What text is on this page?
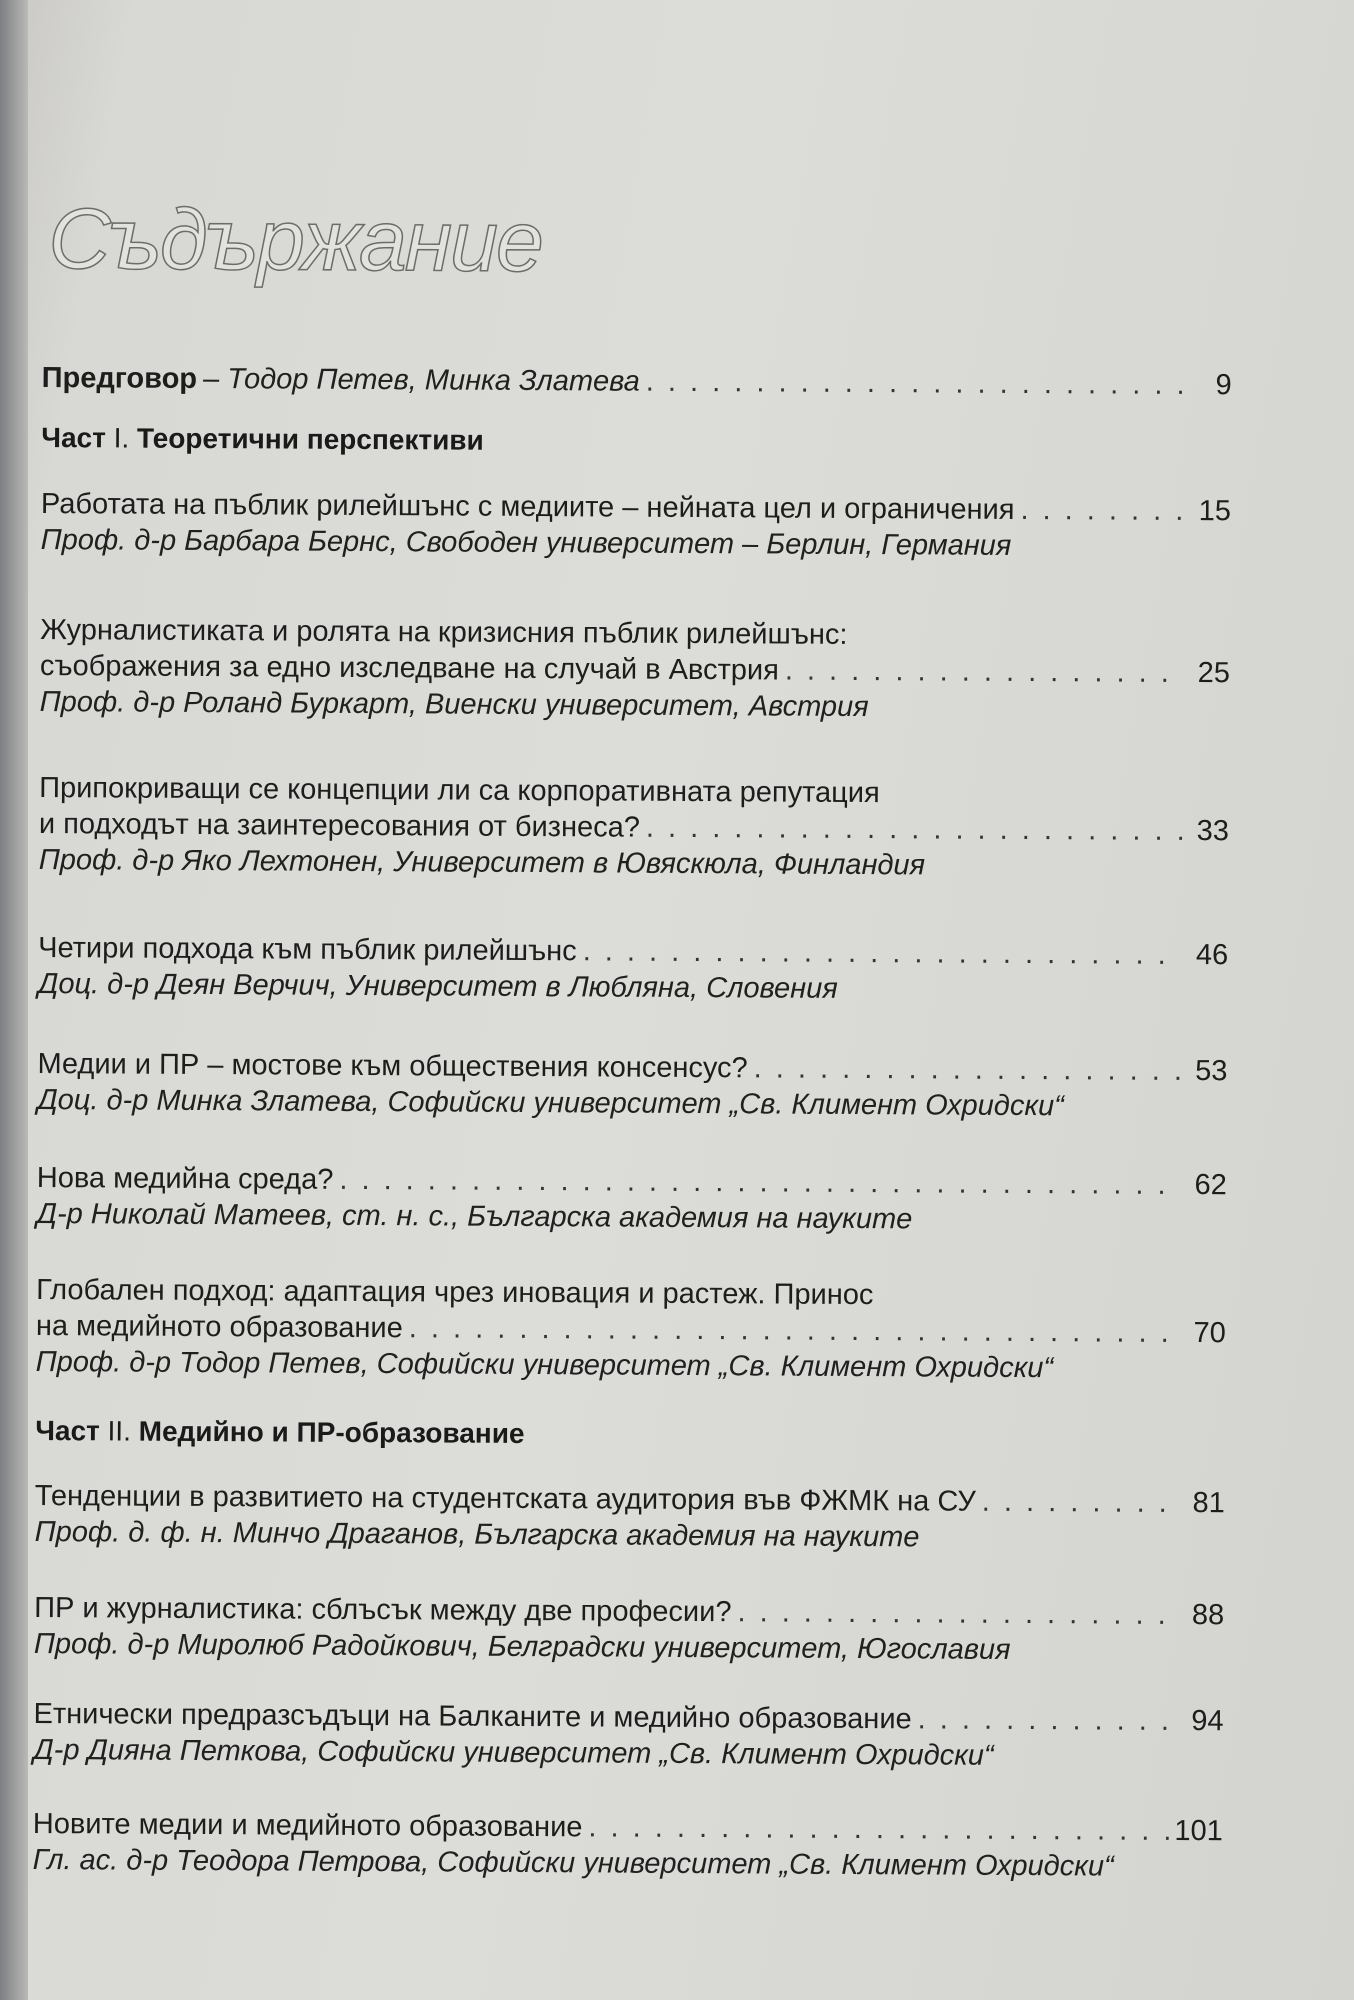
Съдържание
Предговор – Тодор Петев, Минка Златева . . .	9
Част I. Теоретични перспективи
Част II. Медийно и ПР-образование
Работата на пъблик рилейшънс с медиите – нейната цел и ограничения . . .	15
Проф. д-р Барбара Бернс, Свободен университет – Берлин, Германия
Журналистиката и ролята на кризисния пъблик рилейшънс:
съображения за едно изследване на случай в Австрия . . .	25
Проф. д-р Роланд Буркарт, Виенски университет, Австрия
Припокриващи се концепции ли са корпоративната репутация
и подходът на заинтересования от бизнеса? . . .	33
Проф. д-р Яко Лехтонен, Университет в Ювяскюла, Финландия
Четири подхода към пъблик рилейшънс . . .	46
Доц. д-р Деян Верчич, Университет в Любляна, Словения
Медии и ПР – мостове към обществения консенсус? . . .	53
Доц. д-р Минка Златева, Софийски университет „Св. Климент Охридски“
Нова медийна среда? . . .	62
Д-р Николай Матеев, ст. н. с., Българска академия на науките
Глобален подход: адаптация чрез иновация и растеж. Принос
на медийното образование . . .	70
Проф. д-р Тодор Петев, Софийски университет „Св. Климент Охридски“
Тенденции в развитието на студентската аудитория във ФЖМК на СУ . . .	81
Проф. д. ф. н. Минчо Драганов, Българска академия на науките
ПР и журналистика: сблъсък между две професии? . . .	88
Проф. д-р Миролюб Радойкович, Белградски университет, Югославия
Етнически предразсъдъци на Балканите и медийно образование . . .	94
Д-р Дияна Петкова, Софийски университет „Св. Климент Охридски“
Новите медии и медийното образование . . .	101
Гл. ас. д-р Теодора Петрова, Софийски университет „Св. Климент Охридски“
